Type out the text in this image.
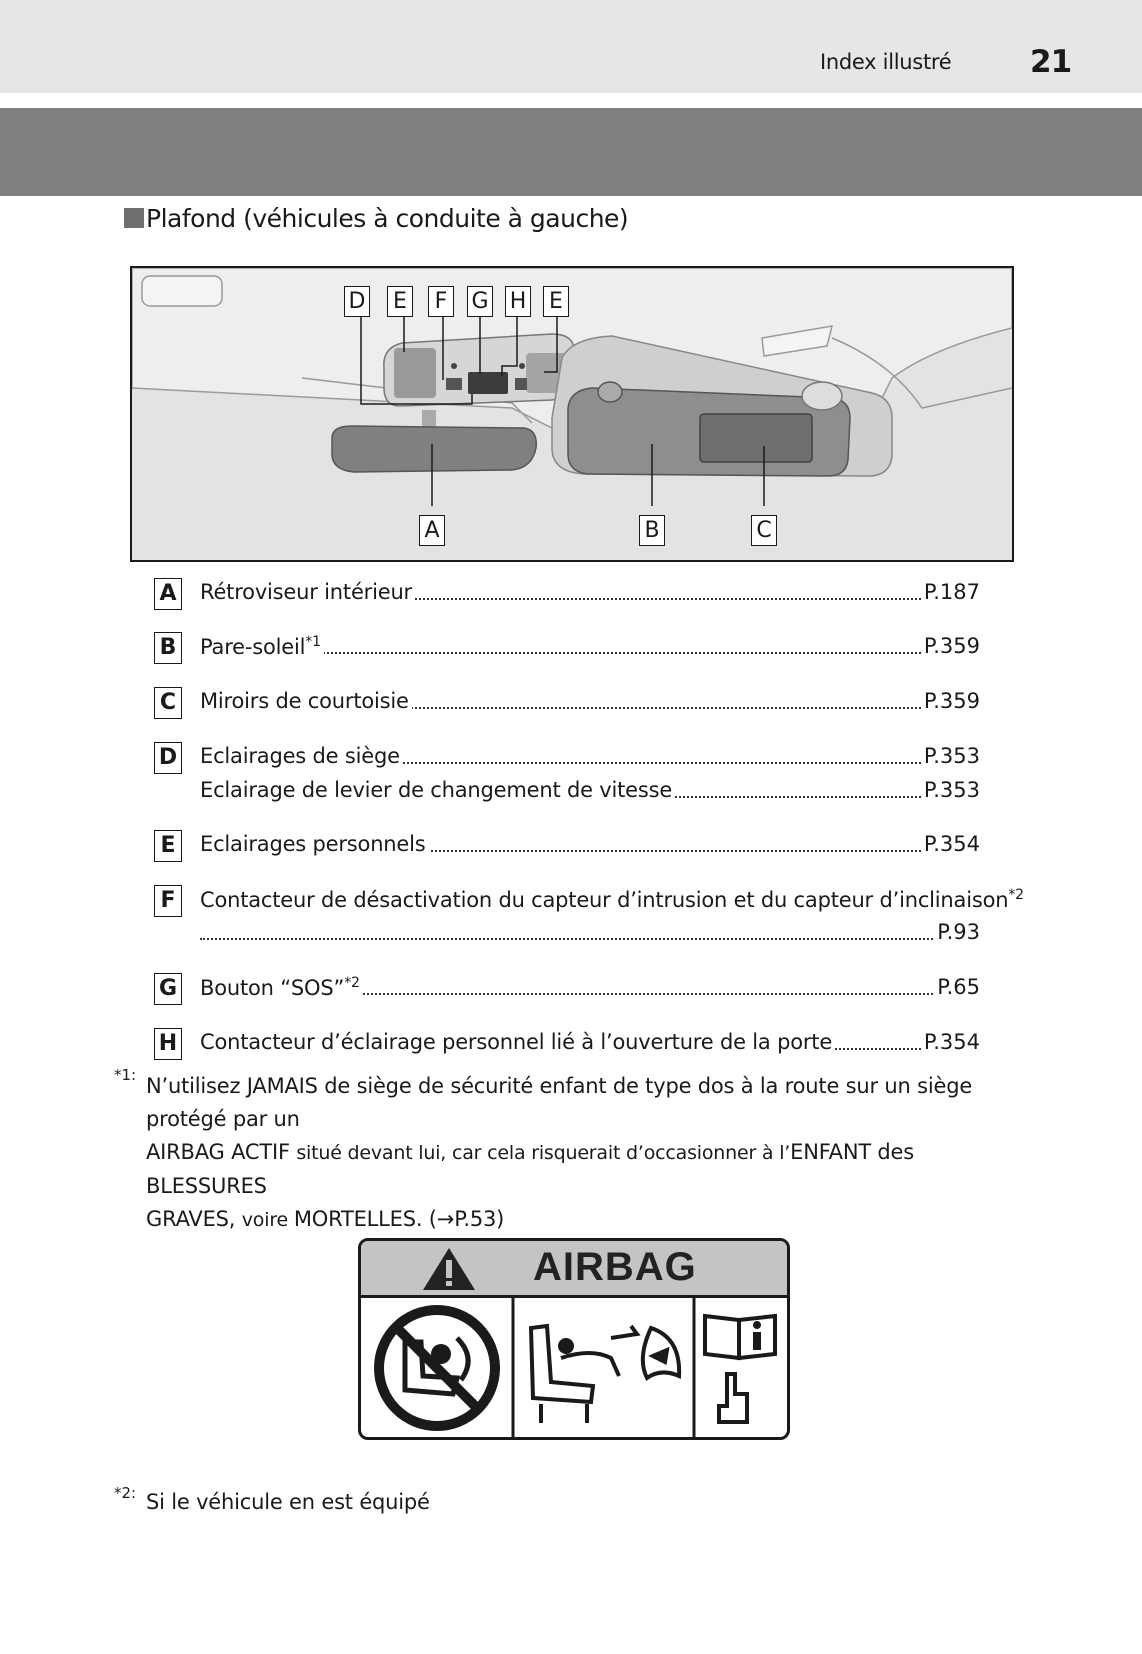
Index illustré	21
Plafond (véhicules à conduite à gauche)
D E	F	G H E
A	B	C
A Rétroviseur intérieur	P.187
B Pare-soleil$^{*1}$	P.359
C Miroirs de courtoisie	P.359
D Eclairages de siège	P.353
Eclairage de levier de changement de vitesse	P.353
E	Eclairages personnels	P.354
F	Contacteur de désactivation du capteur d’intrusion et du capteur d’inclinaison$^{*2}$
P.93
G Bouton “SOS”$^{*2}$	P.65
H Contacteur d’éclairage personnel lié à l’ouverture de la porte	P.354
*1: N’utilisez JAMAIS de siège de sécurité enfant de type dos à la route sur un siège protégé par un
AIRBAG ACTIF situé devant lui, car cela risquerait d’occasionner à l’ENFANT des BLESSURES
GRAVES, voire MORTELLES. (→P.53)
AIRBAG
*2: Si le véhicule en est équipé
